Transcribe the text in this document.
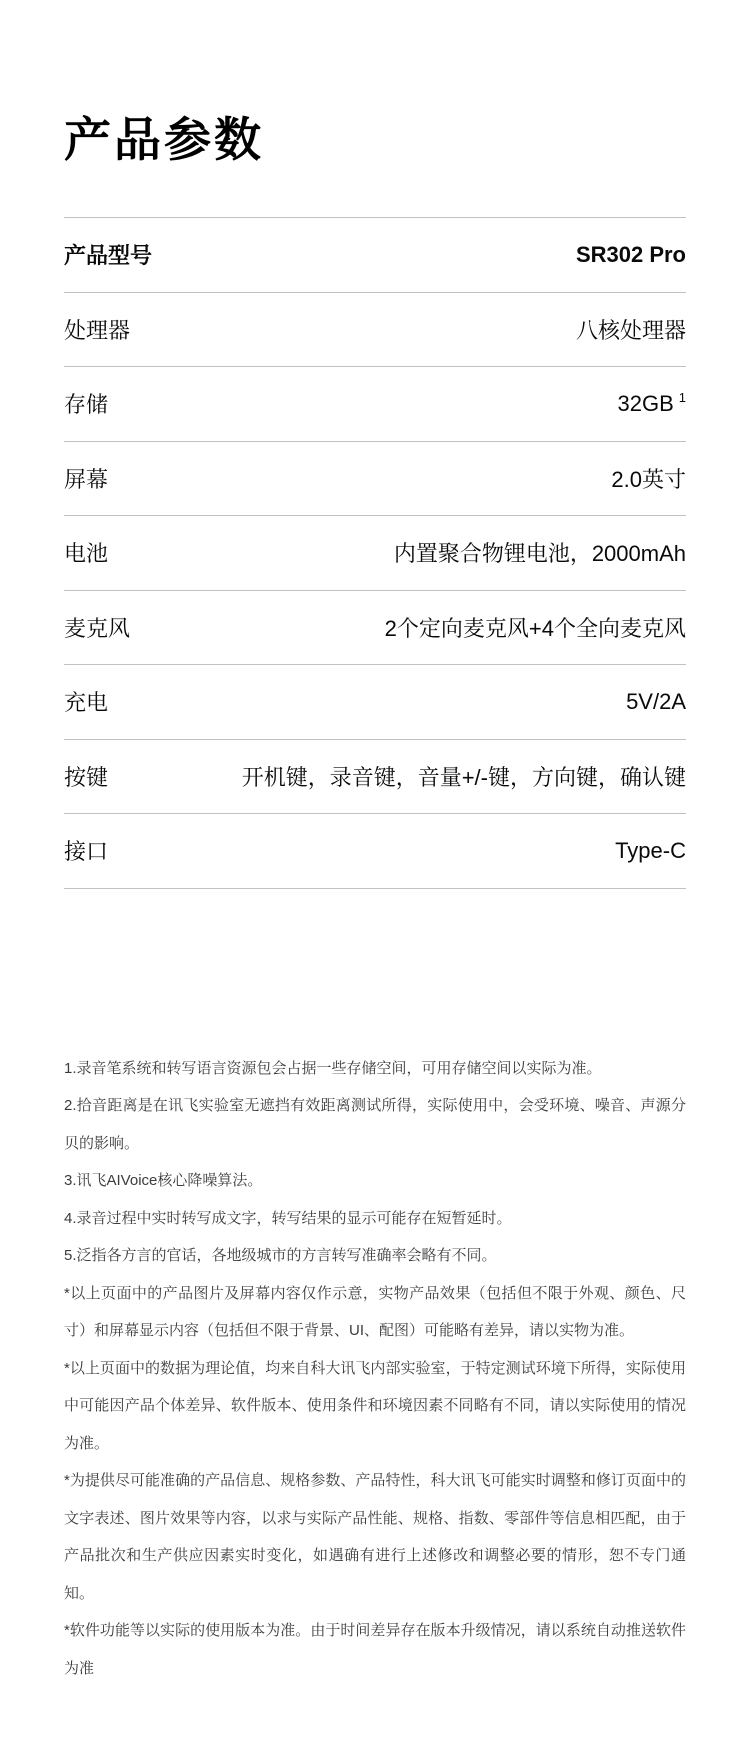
产品参数
产品型号	SR302 Pro
处理器	八核处理器
存储	32GB $^1$
屏幕	2.0英寸
电池	内置聚合物锂电池，2000mAh
麦克风	2个定向麦克风+4个全向麦克风
充电	5V/2A
按键	开机键，录音键，音量+/-键，方向键，确认键
接口	Type-C

1.录音笔系统和转写语言资源包会占据一些存储空间，可用存储空间以实际为准。

2.拾音距离是在讯飞实验室无遮挡有效距离测试所得，实际使用中，会受环境、噪音、声源分贝的影响。

3.讯飞AIVoice核心降噪算法。

4.录音过程中实时转写成文字，转写结果的显示可能存在短暂延时。

5.泛指各方言的官话，各地级城市的方言转写准确率会略有不同。

*以上页面中的产品图片及屏幕内容仅作示意，实物产品效果（包括但不限于外观、颜色、尺寸）和屏幕显示内容（包括但不限于背景、UI、配图）可能略有差异，请以实物为准。

*以上页面中的数据为理论值，均来自科大讯飞内部实验室，于特定测试环境下所得，实际使用中可能因产品个体差异、软件版本、使用条件和环境因素不同略有不同，请以实际使用的情况为准。

*为提供尽可能准确的产品信息、规格参数、产品特性，科大讯飞可能实时调整和修订页面中的文字表述、图片效果等内容，以求与实际产品性能、规格、指数、零部件等信息相匹配，由于产品批次和生产供应因素实时变化，如遇确有进行上述修改和调整必要的情形，恕不专门通知。

*软件功能等以实际的使用版本为准。由于时间差异存在版本升级情况，请以系统自动推送软件为准
